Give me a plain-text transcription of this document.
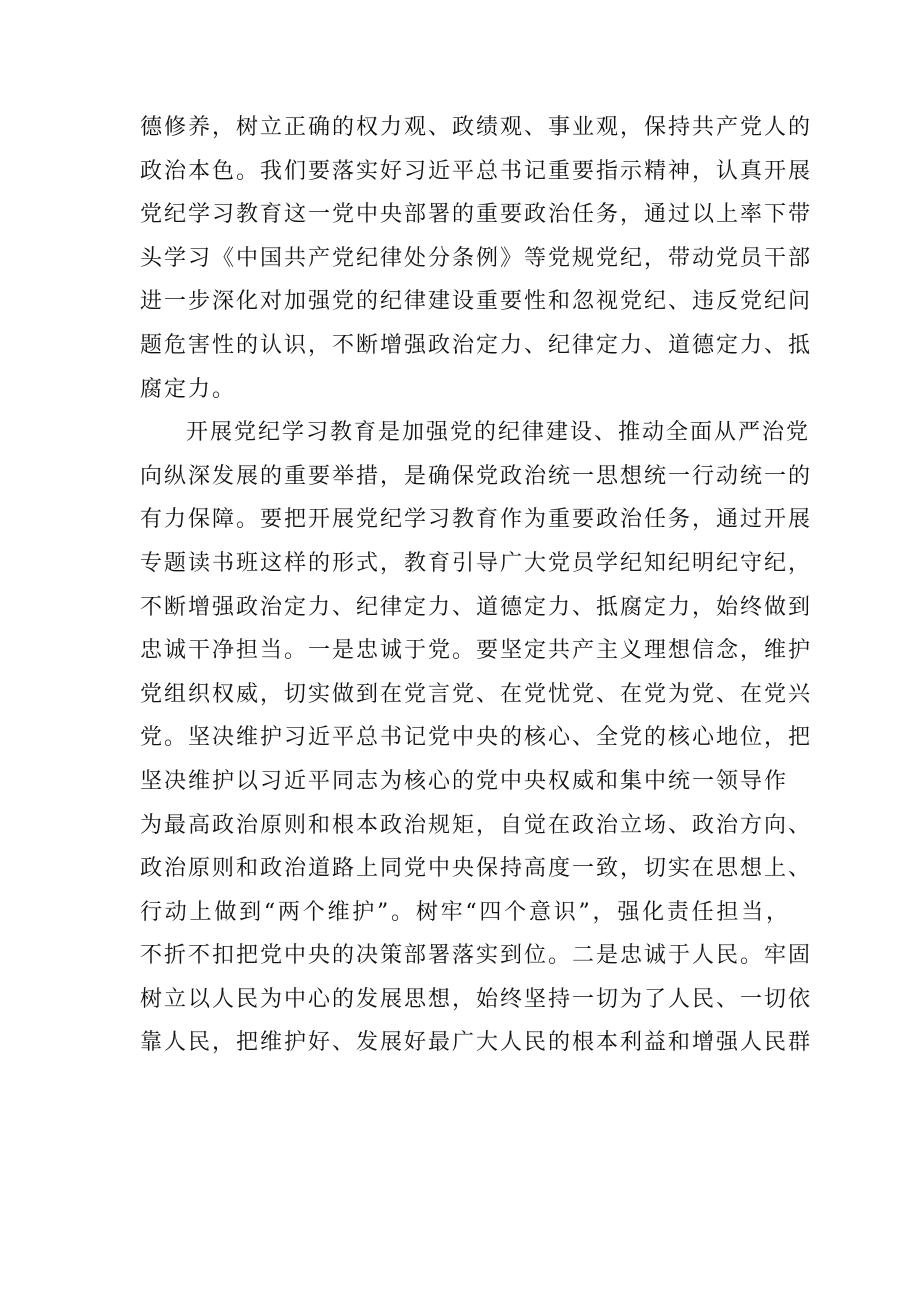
德修养，树立正确的权力观、政绩观、事业观，保持共产党人的
政治本色。我们要落实好习近平总书记重要指示精神，认真开展
党纪学习教育这一党中央部署的重要政治任务，通过以上率下带
头学习《中国共产党纪律处分条例》等党规党纪，带动党员干部
进一步深化对加强党的纪律建设重要性和忽视党纪、违反党纪问
题危害性的认识，不断增强政治定力、纪律定力、道德定力、抵
腐定力。
开展党纪学习教育是加强党的纪律建设、推动全面从严治党
向纵深发展的重要举措，是确保党政治统一思想统一行动统一的
有力保障。要把开展党纪学习教育作为重要政治任务，通过开展
专题读书班这样的形式，教育引导广大党员学纪知纪明纪守纪，
不断增强政治定力、纪律定力、道德定力、抵腐定力，始终做到
忠诚干净担当。一是忠诚于党。要坚定共产主义理想信念，维护
党组织权威，切实做到在党言党、在党忧党、在党为党、在党兴
党。坚决维护习近平总书记党中央的核心、全党的核心地位，把
坚决维护以习近平同志为核心的党中央权威和集中统一领导作
为最高政治原则和根本政治规矩，自觉在政治立场、政治方向、
政治原则和政治道路上同党中央保持高度一致，切实在思想上、
行动上做到“两个维护”。树牢“四个意识”，强化责任担当，
不折不扣把党中央的决策部署落实到位。二是忠诚于人民。牢固
树立以人民为中心的发展思想，始终坚持一切为了人民、一切依
靠人民，把维护好、发展好最广大人民的根本利益和增强人民群
